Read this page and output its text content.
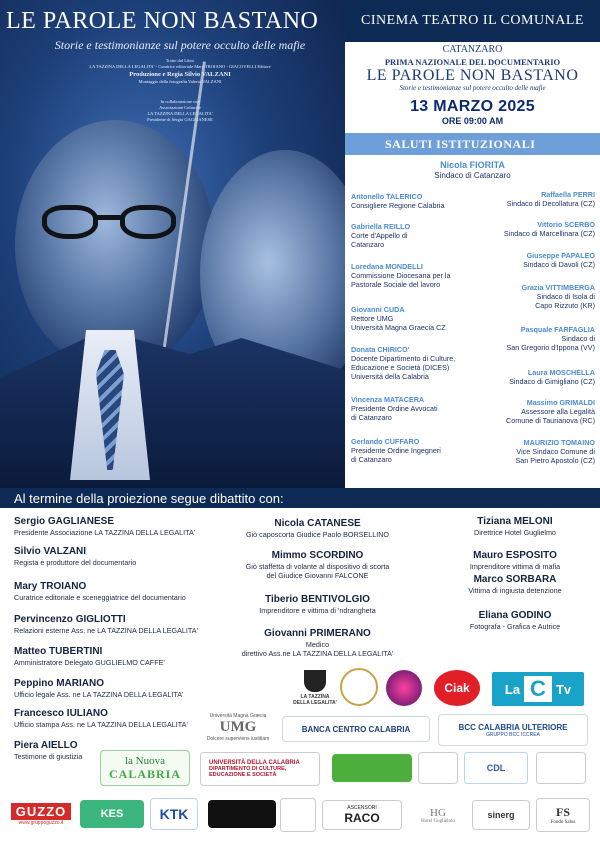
LE PAROLE NON BASTANO
Storie e testimonianze sul potere occulto delle mafie
Tratto dal Libro
LA TAZZINA DELLA LEGALITA' - Curatrice editoriale Mary TROIANO - GIACOVELLI Editore
Produzione e Regia Silvio VALZANI
Montaggio della fotografia Valerio VALZANI
In collaborazione con
Associazione Culturale
LA TAZZINA DELLA LEGALITA'
Presidente di Sergio GAGLIANESE
CINEMA TEATRO IL COMUNALE
CATANZARO
PRIMA NAZIONALE DEL DOCUMENTARIO
LE PAROLE NON BASTANO
Storie e testimonianze sul potere occulto delle mafie
13 MARZO 2025
ORE 09:00 AM
SALUTI ISTITUZIONALI
Nicola FIORITA
Sindaco di Catanzaro
Antonello TALERICO
Consigliere Regione Calabria
Gabriella REILLO
Corte d'Appello di
Catanzaro
Loredana MONDELLI
Commissione Diocesana per la
Pastorale Sociale del lavoro
Giovanni CUDA
Rettore UMG
Università Magna Graecia CZ
Donata CHIRICO'
Docente Dipartimento di Culture,
Educazione e Società (DICES)
Università della Calabria
Vincenza MATACERA
Presidente Ordine Avvocati
di Catanzaro
Gerlando CUFFARO
Presidente Ordine Ingegneri
di Catanzaro
Raffaella PERRI
Sindaco di Decollatura (CZ)
Vittorio SCERBO
Sindaco di Marcellinara (CZ)
Giuseppe PAPALEO
Sindaco di Davoli (CZ)
Grazia VITTIMBERGA
Sindaco di Isola di
Capo Rizzuto (KR)
Pasquale FARFAGLIA
Sindaco di
San Gregorio d'Ippona (VV)
Laura MOSCHELLA
Sindaco di Gimigliano (CZ)
Massimo GRIMALDI
Assessore alla Legalità
Comune di Taurianova (RC)
MAURIZIO TOMAINO
Vice Sindaco Comune di
San Pietro Apostolo (CZ)
Al termine della proiezione segue dibattito con:
Sergio GAGLIANESE
Presidente Associazione LA TAZZINA DELLA LEGALITA'
Silvio VALZANI
Regista e produttore del documentario
Mary TROIANO
Curatrice editoriale e sceneggiatrice del documentario
Pervincenzo GIGLIOTTI
Relazioni esterne Ass. ne LA TAZZINA DELLA LEGALITA'
Matteo TUBERTINI
Amministratore Delegato GUGLIELMO CAFFE'
Peppino MARIANO
Ufficio legale Ass. ne LA TAZZINA DELLA LEGALITA'
Francesco IULIANO
Ufficio stampa Ass. ne LA TAZZINA DELLA LEGALITA'
Piera AIELLO
Testimone di giustizia
Nicola CATANESE
Giò caposcorta Giudice Paolo BORSELLINO
Mimmo SCORDINO
Giò staffetta di volante al dispositivo di scorta
del Giudice Giovanni FALCONE
Tiberio BENTIVOLGIO
Imprenditore e vittima di 'ndrangheta
Giovanni PRIMERANO
Medico
direttivo Ass.ne LA TAZZINA DELLA LEGALITA'
Tiziana MELONI
Direttrice Hotel Guglielmo
Mauro ESPOSITO
Imprenditore vittima di mafia
Marco SORBARA
Vittima di ingiusta detenzione
Eliana GODINO
Fotografa - Grafica e Autrice
LA TAZZINA DELLA LEGALITA'
Ciak	La C Tv
Università Magna Græcia
UMG
Dolcere superviens iustitiam
BANCA CENTRO CALABRIA	BCC CALABRIA ULTERIORE
GRUPPO BCC ICCREA
la Nuova
CALABRIA
UNIVERSITÀ DELLA CALABRIA
DIPARTIMENTO DI CULTURE,
EDUCAZIONE E SOCIETÀ
CDL
GUZZO
www.gruppoguzzo.it
KES	KTK	ASCENSORI
RACO	HG
Hotel Guglielmo
sinerg	FS
Fondo Salus
